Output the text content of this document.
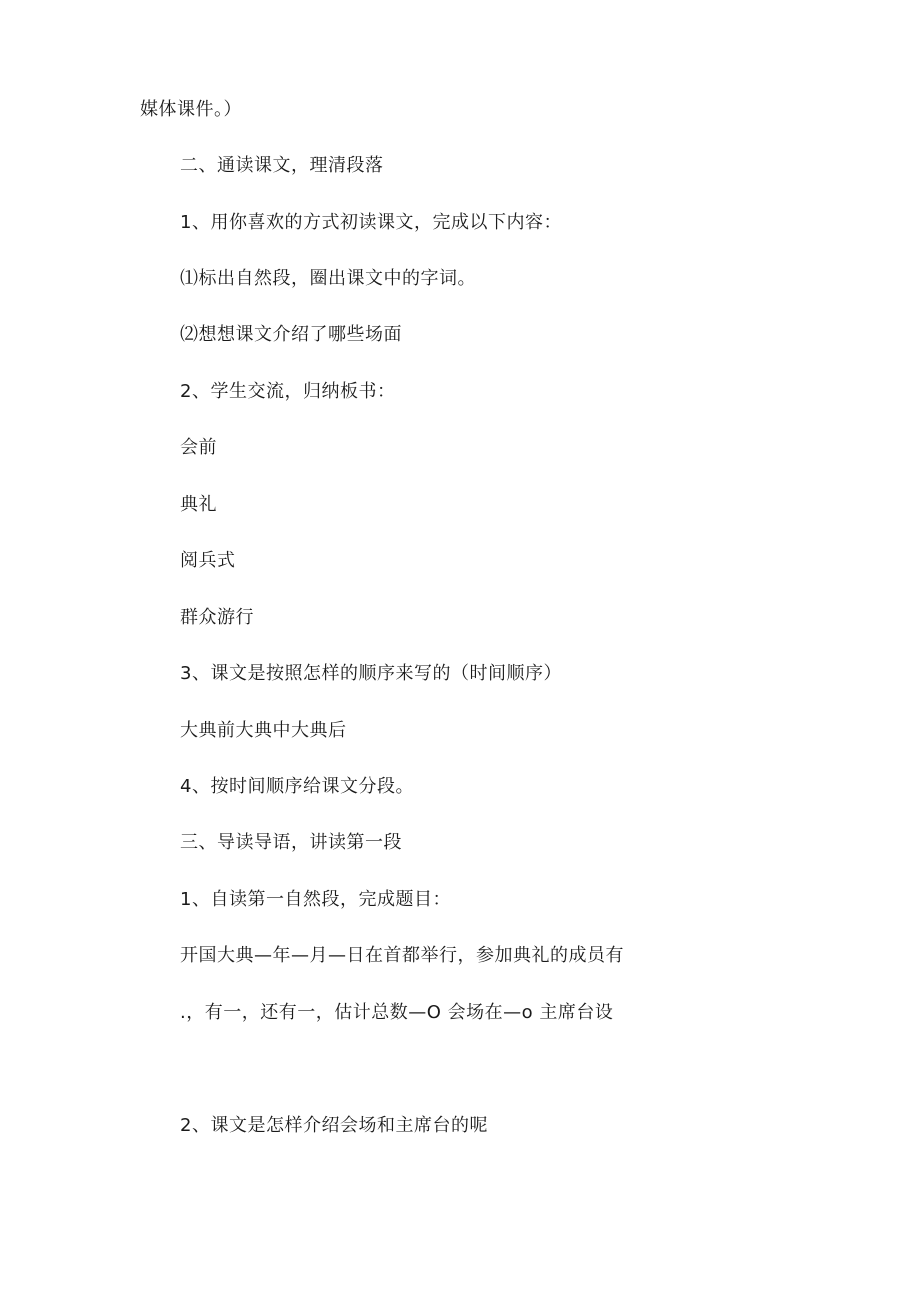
媒体课件。）
二、通读课文，理清段落
1、用你喜欢的方式初读课文，完成以下内容：
⑴标出自然段，圈出课文中的字词。
⑵想想课文介绍了哪些场面
2、学生交流，归纳板书：
会前
典礼
阅兵式
群众游行
3、课文是按照怎样的顺序来写的（时间顺序）
大典前大典中大典后
4、按时间顺序给课文分段。
三、导读导语，讲读第一段
1、自读第一自然段，完成题目：
开国大典—年—月—日在首都举行，参加典礼的成员有
.，有一，还有一，估计总数—O 会场在—o 主席台设
2、课文是怎样介绍会场和主席台的呢
